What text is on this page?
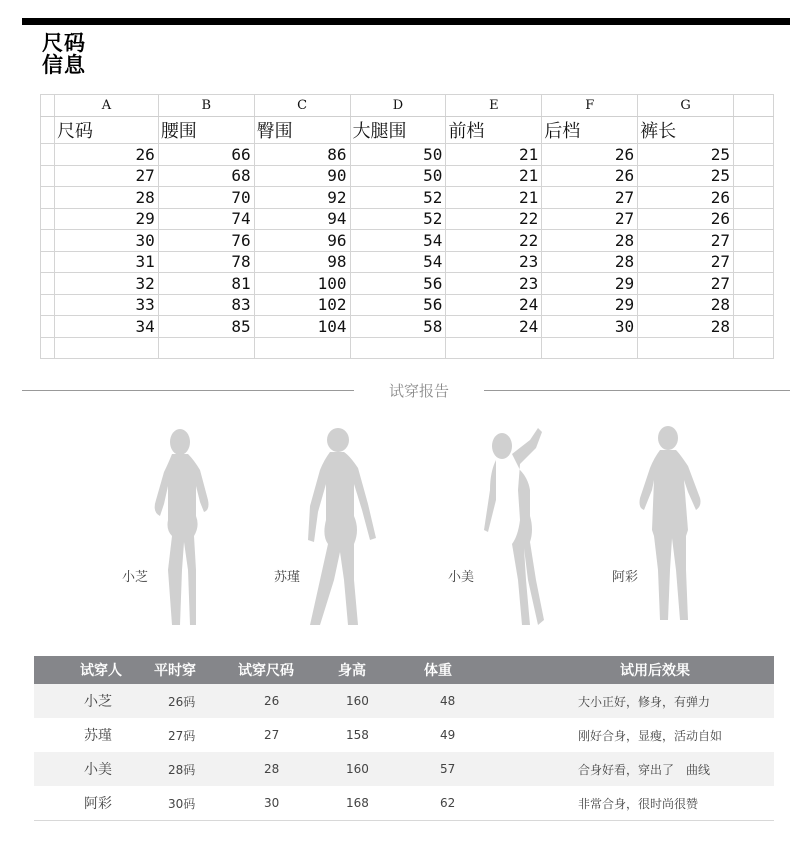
尺码
信息
	A	B	C	D	E	F	G	
	尺码	腰围	臀围	大腿围	前档	后档	裤长	
	26	66	86	50	21	26	25	
	27	68	90	50	21	26	25	
	28	70	92	52	21	27	26	
	29	74	94	52	22	27	26	
	30	76	96	54	22	28	27	
	31	78	98	54	23	28	27	
	32	81	100	56	23	29	27	
	33	83	102	56	24	29	28	
	34	85	104	58	24	30	28	

试穿报告
小芝	苏瑾	小美	阿彩
试穿人	平时穿	试穿尺码	身高	体重	试用后效果
小芝	26码	26	160	48	大小正好，修身，有弹力
苏瑾	27码	27	158	49	刚好合身，显瘦，活动自如
小美	28码	28	160	57	合身好看，穿出了　曲线
阿彩	30码	30	168	62	非常合身，很时尚很赞
